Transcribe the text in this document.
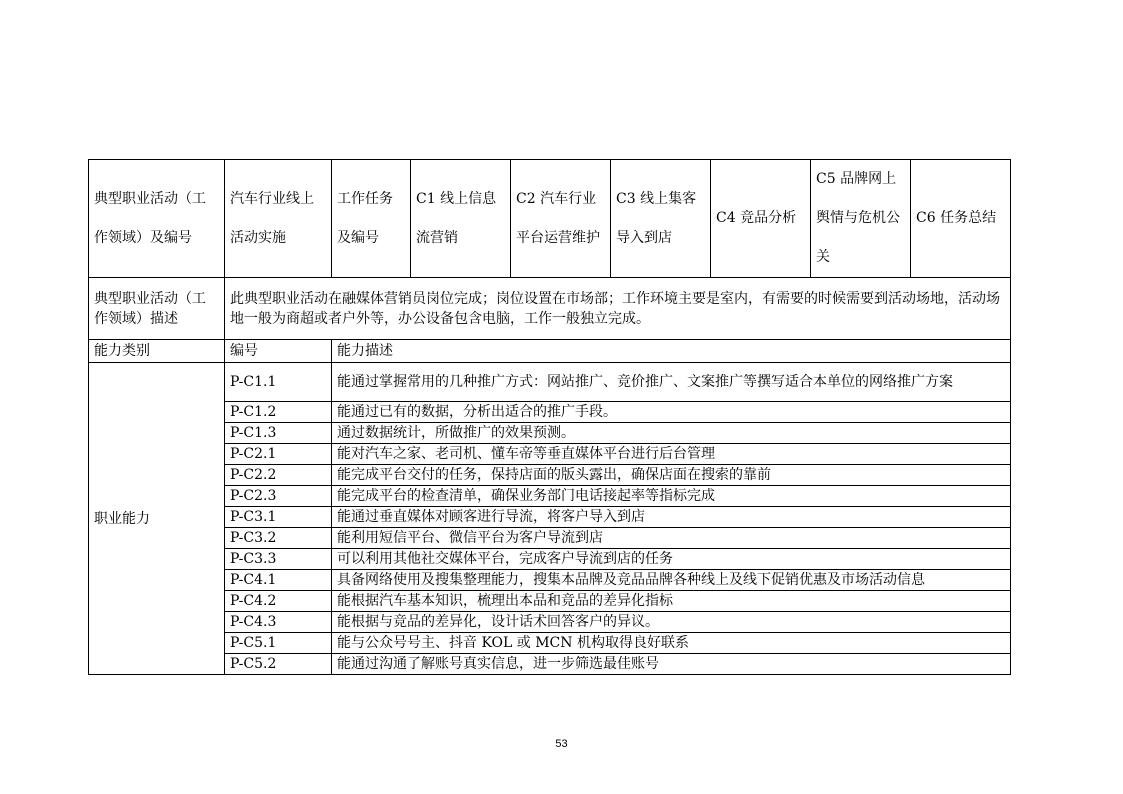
典型职业活动（工作领域）及编号	汽车行业线上活动实施	工作任务及编号	C1 线上信息流营销	C2 汽车行业平台运营维护	C3 线上集客导入到店	C4 竞品分析	C5 品牌网上舆情与危机公关	C6 任务总结

典型职业活动（工作领域）描述	此典型职业活动在融媒体营销员岗位完成；岗位设置在市场部；工作环境主要是室内，有需要的时候需要到活动场地，活动场地一般为商超或者户外等，办公设备包含电脑，工作一般独立完成。							
能力类别	编号	能力描述						
职业能力	P-C1.1	能通过掌握常用的几种推广方式：网站推广、竞价推广、文案推广等撰写适合本单位的网络推广方案						
	P-C1.2	能通过已有的数据，分析出适合的推广手段。						
	P-C1.3	通过数据统计，所做推广的效果预测。						
	P-C2.1	能对汽车之家、老司机、懂车帝等垂直媒体平台进行后台管理						
	P-C2.2	能完成平台交付的任务，保持店面的版头露出，确保店面在搜索的靠前						
	P-C2.3	能完成平台的检查清单，确保业务部门电话接起率等指标完成						
	P-C3.1	能通过垂直媒体对顾客进行导流，将客户导入到店						
	P-C3.2	能利用短信平台、微信平台为客户导流到店						
	P-C3.3	可以利用其他社交媒体平台，完成客户导流到店的任务						
	P-C4.1	具备网络使用及搜集整理能力，搜集本品牌及竞品品牌各种线上及线下促销优惠及市场活动信息						
	P-C4.2	能根据汽车基本知识，梳理出本品和竞品的差异化指标						
	P-C4.3	能根据与竞品的差异化，设计话术回答客户的异议。						
	P-C5.1	能与公众号号主、抖音 KOL 或 MCN 机构取得良好联系						
	P-C5.2	能通过沟通了解账号真实信息，进一步筛选最佳账号						
53
